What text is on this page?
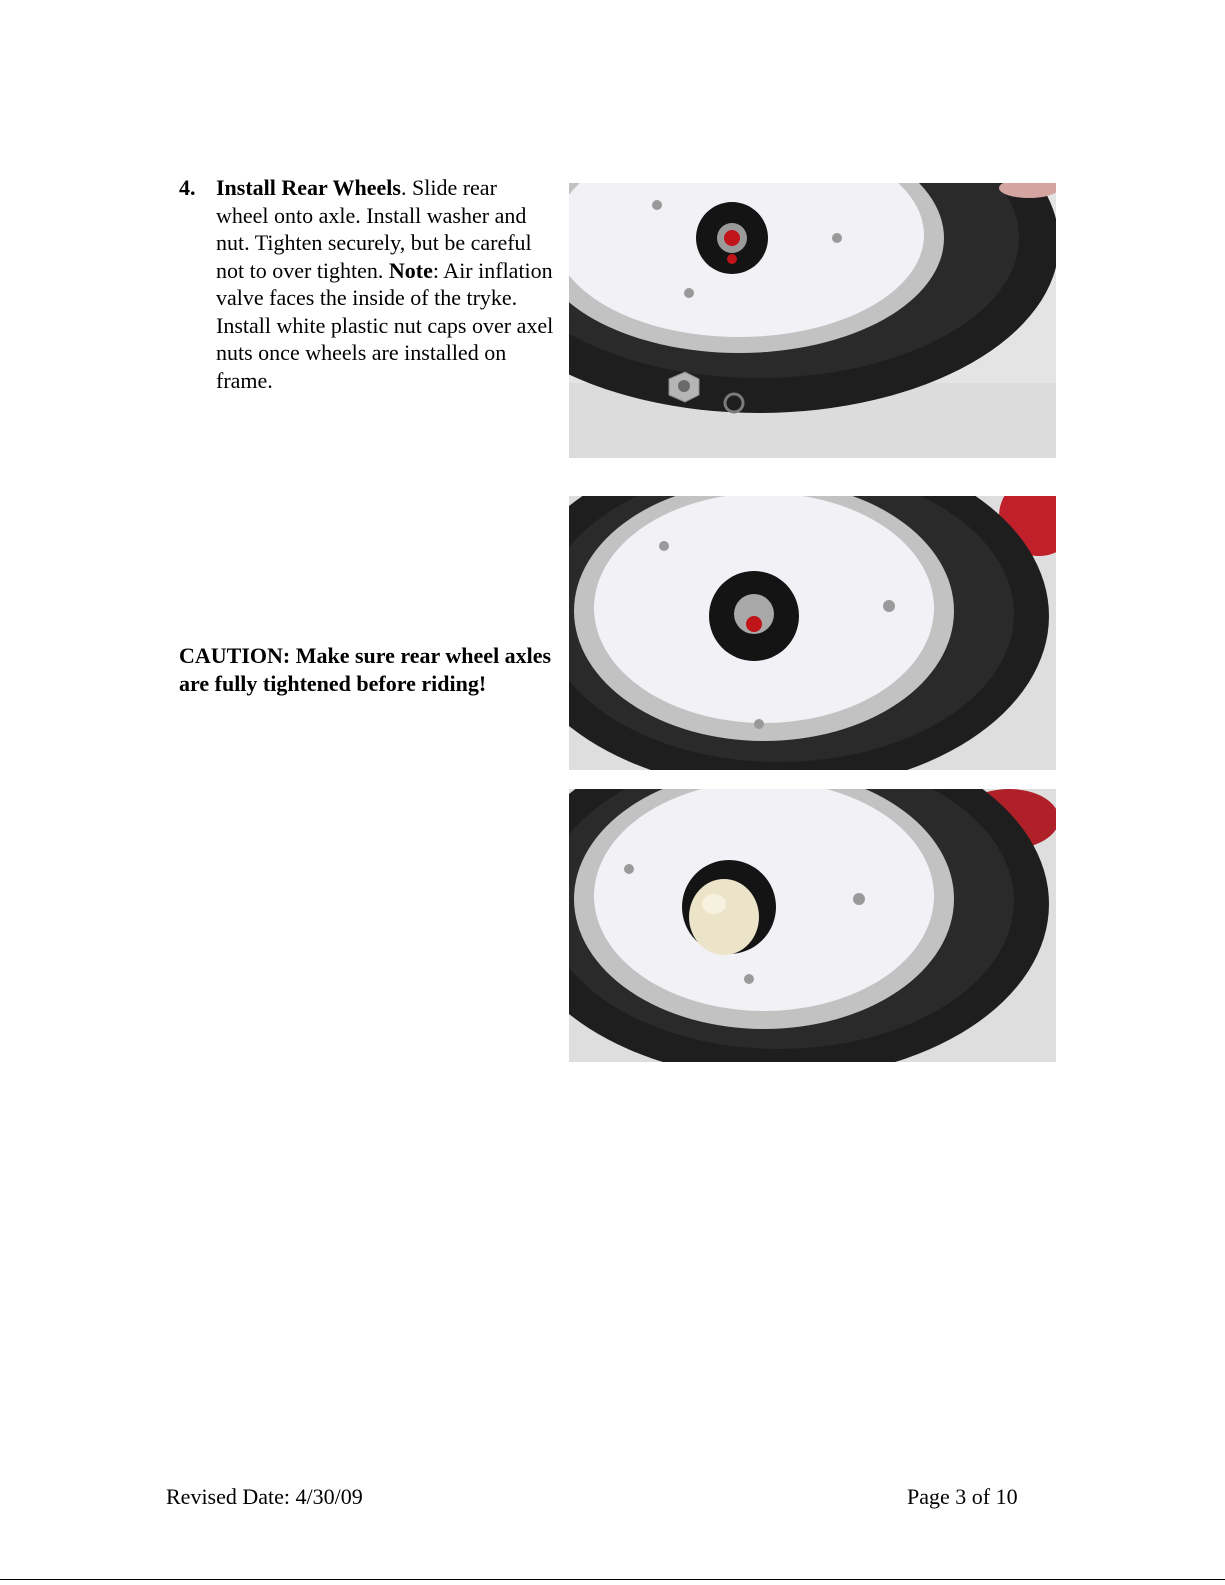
4. Install Rear Wheels. Slide rear wheel onto axle. Install washer and nut. Tighten securely, but be careful not to over tighten. Note: Air inflation valve faces the inside of the tryke. Install white plastic nut caps over axel nuts once wheels are installed on frame.
CAUTION: Make sure rear wheel axles are fully tightened before riding!
Revised Date: 4/30/09	Page 3 of 10
